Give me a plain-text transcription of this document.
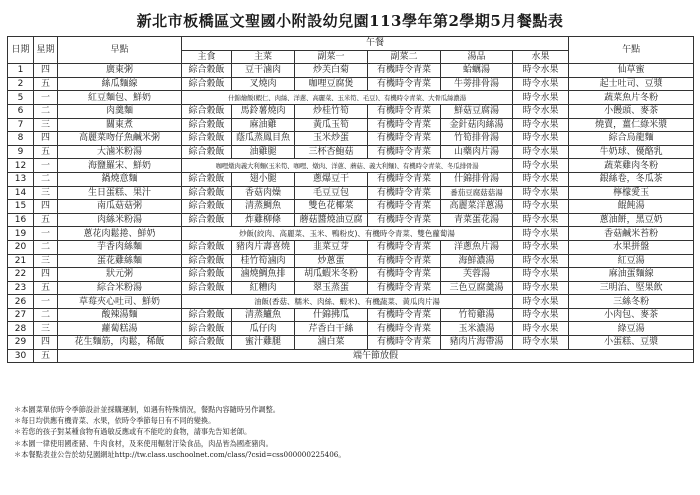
新北市板橋區文聖國小附設幼兒園113學年第2學期5月餐點表
日期	星期	早點	午餐						午點
			主食	主菜	副菜一	副菜二	湯品	水果	
1	四	廣東粥	綜合穀飯	豆干滷肉	炒芙白菊	有機時令青菜	蛤蠣湯	時令水果	仙草蜜
2	五	絲瓜麵線	綜合穀飯	叉燒肉	咖哩豆腐煲	有機時令青菜	牛蒡排骨湯	時令水果	起士吐司、豆漿
5	一	紅豆麵包、鮮奶	什錦燴飯(蝦仁、肉絲、洋蔥、高麗菜、玉米筍、毛豆)、有機時令青菜、大骨瓜絲濃湯					時令水果	蔬菜魚片冬粉
6	二	肉羹麵	綜合穀飯	馬鈴薯燒肉	炒桂竹筍	有機時令青菜	鮮菇豆腐湯	時令水果	小饅頭、麥茶
7	三	關東煮	綜合穀飯	麻油雞	黃瓜玉筍	有機時令青菜	金針菇肉絲湯	時令水果	燒賣，薑仁綠米漿
8	四	高麗菜吻仔魚鹹米粥	綜合穀飯	蔭瓜蒸鳳目魚	玉米炒蛋	有機時令青菜	竹筍排骨湯	時令水果	綜合烏龍麵
9	五	大滷米粉湯	綜合穀飯	油雞腿	三杯杏鮑菇	有機時令青菜	山藥肉片湯	時令水果	牛奶球、優酪乳
12	一	海鹽羅宋、鮮奶	咖哩燉肉義大利麵(玉米筍、咖哩、燉肉、洋蔥、蘑菇、義大利麵)、有機時令青菜、冬瓜排骨湯					時令水果	蔬菜雞肉冬粉
13	二	鍋燒意麵	綜合穀飯	翅小腿	蔥爆豆干	有機時令青菜	什錦排骨湯	時令水果	銀絲卷，冬瓜茶
14	三	生日蛋糕、果汁	綜合穀飯	香菇肉燥	毛豆豆包	有機時令青菜	番茄豆腐菇菇湯	時令水果	檸檬愛玉
15	四	南瓜菇菇粥	綜合穀飯	清蒸鯛魚	雙色花椰菜	有機時令青菜	高麗菜洋蔥湯	時令水果	餛飩湯
16	五	肉絲米粉湯	綜合穀飯	炸雞柳條	蘑菇醬燒油豆腐	有機時令青菜	青菜蛋花湯	時令水果	蔥油餅，黑豆奶
19	一	蔥花肉鬆捲、鮮奶	炒飯(絞肉、高麗菜、玉米、鴨粉皮)、有機時令青菜、雙色蘿蔔湯					時令水果	香菇鹹米苔粉
20	二	芋香肉絲麵	綜合穀飯	豬肉片壽喜燒	韭菜豆芽	有機時令青菜	洋蔥魚片湯	時令水果	水果拼盤
21	三	蛋花雞絲麵	綜合穀飯	桂竹筍滷肉	炒蔥蛋	有機時令青菜	海鮮濃湯	時令水果	紅豆湯
22	四	狀元粥	綜合穀飯	滷燒鯛魚排	胡瓜蝦米冬粉	有機時令青菜	芙蓉湯	時令水果	麻油蛋麵線
23	五	綜合米粉湯	綜合穀飯	紅糟肉	翠玉蒸蛋	有機時令青菜	三色豆腐羹湯	時令水果	三明治、堅果飲
26	一	草莓夾心吐司、鮮奶	油飯(香菇、糯米、肉絲、蝦米)、有機蔬菜、黃瓜肉片湯					時令水果	三絲冬粉
27	二	酸辣湯麵	綜合穀飯	清蒸鱸魚	什錦拂瓜	有機時令青菜	竹筍雞湯	時令水果	小肉包、麥茶
28	三	蘿蔔糕湯	綜合穀飯	瓜仔肉	芹香白干絲	有機時令青菜	玉米濃湯	時令水果	綠豆湯
29	四	花生麵筋，肉鬆，稀飯	綜合穀飯	蜜汁雞腿	滷白菜	有機時令青菜	豬肉片海帶湯	時令水果	小蛋糕、豆漿
30	五	端午節放假							
＊本園菜單依時令季節設計並採購運制，如遇有特殊情況，餐點內容隨時另作調整。
＊每日均供應有機青菜、水果，依時令季節每日有不同的變換。
＊若您的孩子對某種食物有過敏反應或有不能吃的食物，請事先告知老師。
＊本園一律使用國產豬、牛肉食材，及來使用輻射汙染食品，肉品皆為國產豬肉。
＊本餐點表並公告於幼兒園網址http://tw.class.uschoolnet.com/class/?csid=css000000225406。
